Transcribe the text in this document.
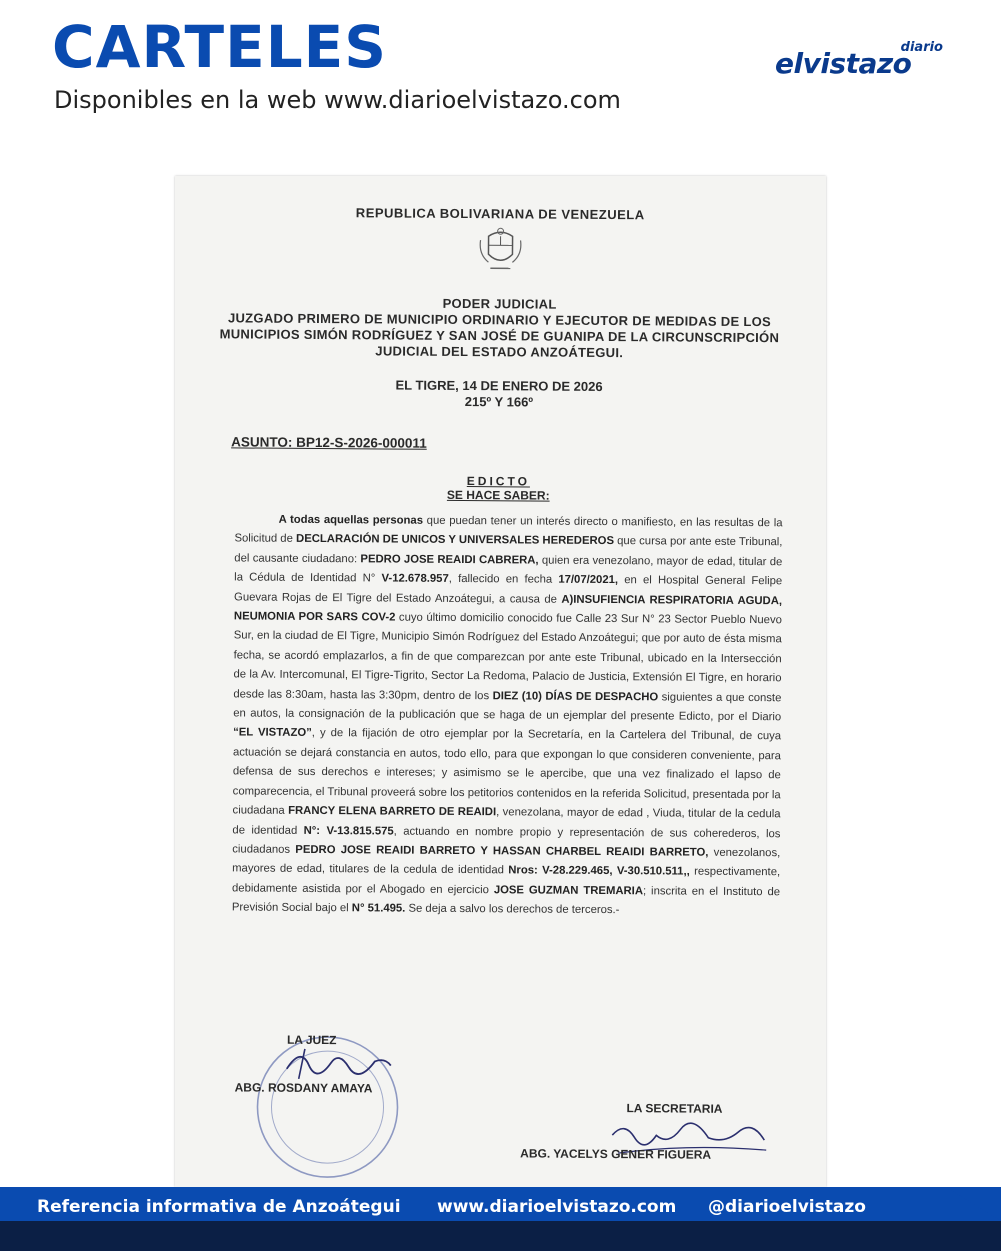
CARTELES
Disponibles en la web www.diarioelvistazo.com
diario
elvistazo
REPUBLICA BOLIVARIANA DE VENEZUELA
PODER JUDICIAL
JUZGADO PRIMERO DE MUNICIPIO ORDINARIO Y EJECUTOR DE MEDIDAS DE LOS
MUNICIPIOS SIMÓN RODRÍGUEZ Y SAN JOSÉ DE GUANIPA DE LA CIRCUNSCRIPCIÓN
JUDICIAL DEL ESTADO ANZOÁTEGUI.
EL TIGRE, 14 DE ENERO DE 2026
215º Y 166º
ASUNTO: BP12-S-2026-000011
EDICTO
SE HACE SABER:
A todas aquellas personas que puedan tener un interés directo o manifiesto, en las resultas de la Solicitud de DECLARACIÓN DE UNICOS Y UNIVERSALES HEREDEROS que cursa por ante este Tribunal, del causante ciudadano: PEDRO JOSE REAIDI CABRERA, quien era venezolano, mayor de edad, titular de la Cédula de Identidad N° V-12.678.957, fallecido en fecha 17/07/2021, en el Hospital General Felipe Guevara Rojas de El Tigre del Estado Anzoátegui, a causa de A)INSUFIENCIA RESPIRATORIA AGUDA, NEUMONIA POR SARS COV-2 cuyo último domicilio conocido fue Calle 23 Sur N° 23 Sector Pueblo Nuevo Sur, en la ciudad de El Tigre, Municipio Simón Rodríguez del Estado Anzoátegui; que por auto de ésta misma fecha, se acordó emplazarlos, a fin de que comparezcan por ante este Tribunal, ubicado en la Intersección de la Av. Intercomunal, El Tigre-Tigrito, Sector La Redoma, Palacio de Justicia, Extensión El Tigre, en horario desde las 8:30am, hasta las 3:30pm, dentro de los DIEZ (10) DÍAS DE DESPACHO siguientes a que conste en autos, la consignación de la publicación que se haga de un ejemplar del presente Edicto, por el Diario “EL VISTAZO”, y de la fijación de otro ejemplar por la Secretaría, en la Cartelera del Tribunal, de cuya actuación se dejará constancia en autos, todo ello, para que expongan lo que consideren conveniente, para defensa de sus derechos e intereses; y asimismo se le apercibe, que una vez finalizado el lapso de comparecencia, el Tribunal proveerá sobre los petitorios contenidos en la referida Solicitud, presentada por la ciudadana FRANCY ELENA BARRETO DE REAIDI, venezolana, mayor de edad , Viuda, titular de la cedula de identidad N°: V-13.815.575, actuando en nombre propio y representación de sus coherederos, los ciudadanos PEDRO JOSE REAIDI BARRETO Y HASSAN CHARBEL REAIDI BARRETO, venezolanos, mayores de edad, titulares de la cedula de identidad Nros: V-28.229.465, V-30.510.511,, respectivamente, debidamente asistida por el Abogado en ejercicio JOSE GUZMAN TREMARIA; inscrita en el Instituto de Previsión Social bajo el N° 51.495. Se deja a salvo los derechos de terceros.-
LA JUEZ
ABG. ROSDANY AMAYA
LA SECRETARIA
ABG. YACELYS GENER FIGUERA
Referencia informativa de Anzoátegui www.diarioelvistazo.com @diarioelvistazo
